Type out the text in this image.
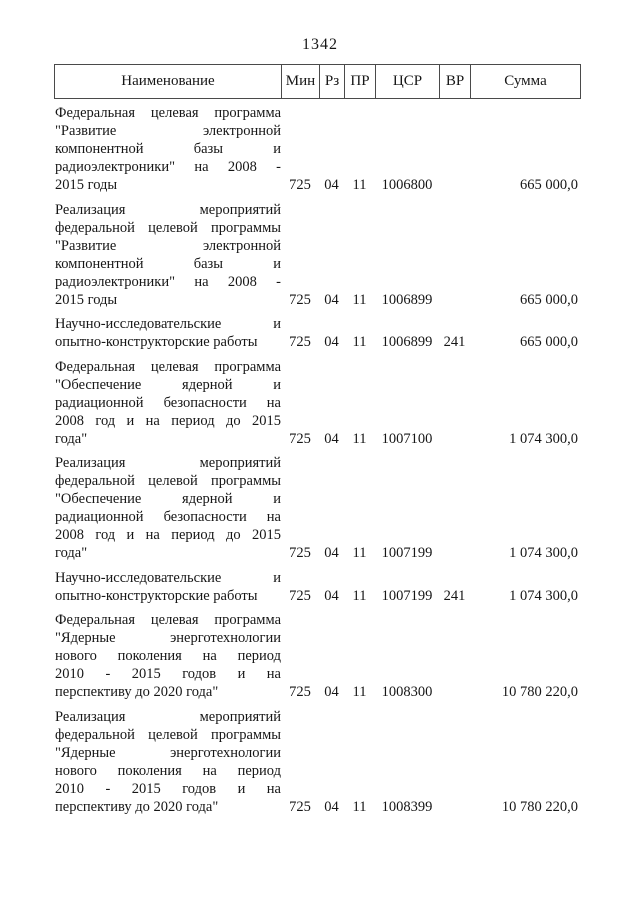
1342
Наименование	Мин Рз ПР	ЦСР	ВР	Сумма
Федеральная целевая программа
"Развитие электронной
компонентной базы и
радиоэлектроники" на 2008 -
2015 годы	725 04 11	1006800	665 000,0
Реализация мероприятий
федеральной целевой программы
"Развитие электронной
компонентной базы и
радиоэлектроники" на 2008 -
2015 годы	725 04 11	1006899	665 000,0
Научно-исследовательские и
опытно-конструкторские работы	725 04 11	1006899 241	665 000,0
Федеральная целевая программа
"Обеспечение ядерной и
радиационной безопасности на
2008 год и на период до 2015
года"	725 04 11	1007100	1 074 300,0
Реализация мероприятий
федеральной целевой программы
"Обеспечение ядерной и
радиационной безопасности на
2008 год и на период до 2015
года"	725 04 11	1007199	1 074 300,0
Научно-исследовательские и
опытно-конструкторские работы	725 04 11	1007199 241	1 074 300,0
Федеральная целевая программа
"Ядерные энерготехнологии
нового поколения на период
2010 - 2015 годов и на
перспективу до 2020 года"	725 04 11	1008300	10 780 220,0
Реализация мероприятий
федеральной целевой программы
"Ядерные энерготехнологии
нового поколения на период
2010 - 2015 годов и на
перспективу до 2020 года"	725 04 11	1008399	10 780 220,0
